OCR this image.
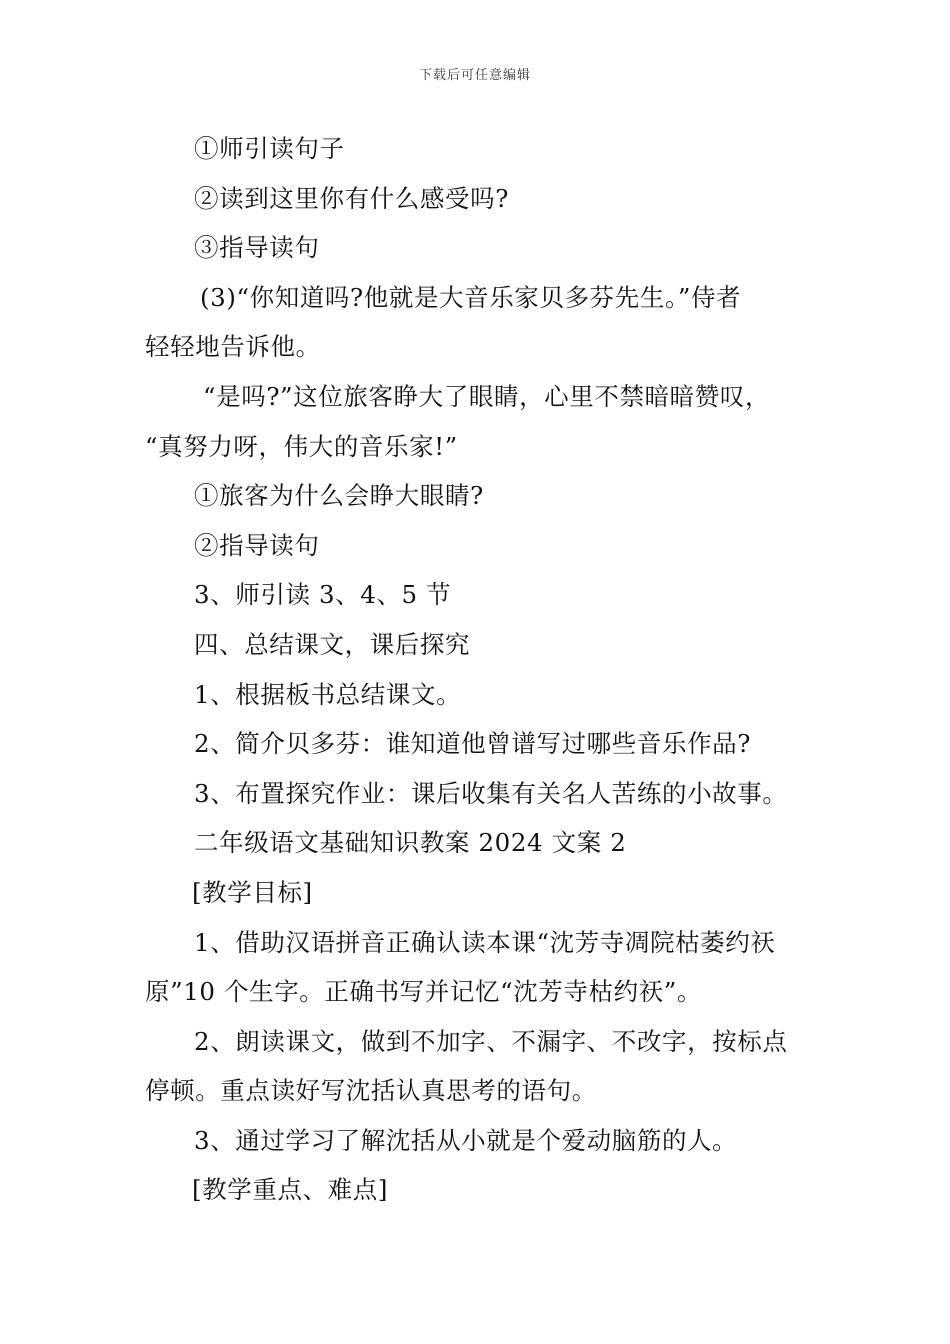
下载后可任意编辑
①师引读句子
②读到这里你有什么感受吗?
③指导读句
(3)“你知道吗?他就是大音乐家贝多芬先生。”侍者
轻轻地告诉他。
“是吗?”这位旅客睁大了眼睛，心里不禁暗暗赞叹，
“真努力呀，伟大的音乐家!”
①旅客为什么会睁大眼睛?
②指导读句
3、师引读 3、4、5 节
四、总结课文，课后探究
1、根据板书总结课文。
2、简介贝多芬：谁知道他曾谱写过哪些音乐作品?
3、布置探究作业：课后收集有关名人苦练的小故事。
二年级语文基础知识教案 2024 文案 2
[教学目标]
1、借助汉语拼音正确认读本课“沈芳寺凋院枯萎约祆
原”10 个生字。正确书写并记忆“沈芳寺枯约祆”。
2、朗读课文，做到不加字、不漏字、不改字，按标点
停顿。重点读好写沈括认真思考的语句。
3、通过学习了解沈括从小就是个爱动脑筋的人。
[教学重点、难点]
